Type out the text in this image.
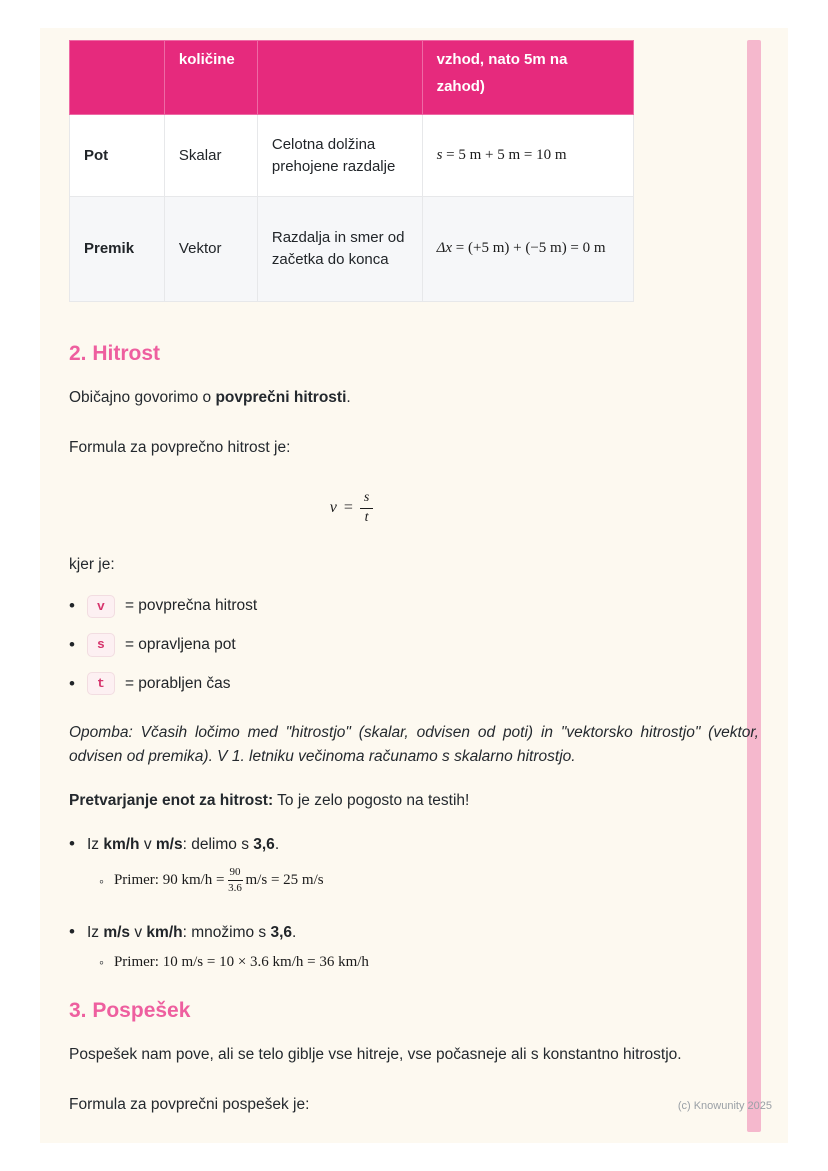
	količine		vzhod, nato 5m na zahod)
Pot	Skalar	Celotna dolžina prehojene razdalje	s = 5 m + 5 m = 10 m
Premik	Vektor	Razdalja in smer od začetka do konca	Δx = (+5 m) + (−5 m) = 0 m
2. Hitrost

Običajno govorimo o povprečni hitrosti.

Formula za povprečno hitrost je:

$v = \frac{s}{t}$

kjer je:

• v	= povprečna hitrost
• s	= opravljena pot
• t	= porabljen čas

Opomba: Včasih ločimo med "hitrostjo" (skalar, odvisen od poti) in "vektorsko hitrostjo" (vektor, odvisen od premika). V 1. letniku večinoma računamo s skalarno hitrostjo.

Pretvarjanje enot za hitrost: To je zelo pogosto na testih!

• Iz km/h v m/s: delimo s 3,6.
◦ Primer: 90 $km/h = \frac{90}{3.6} m/s = 25$ m/s
• Iz m/s v km/h: množimo s 3,6.
◦ Primer: 10 m/s = 10 × 3.6 km/h = 36 km/h
3. Pospešek

Pospešek nam pove, ali se telo giblje vse hitreje, vse počasneje ali s konstantno hitrostjo.

Formula za povprečni pospešek je:	(c) Knowunity 2025
